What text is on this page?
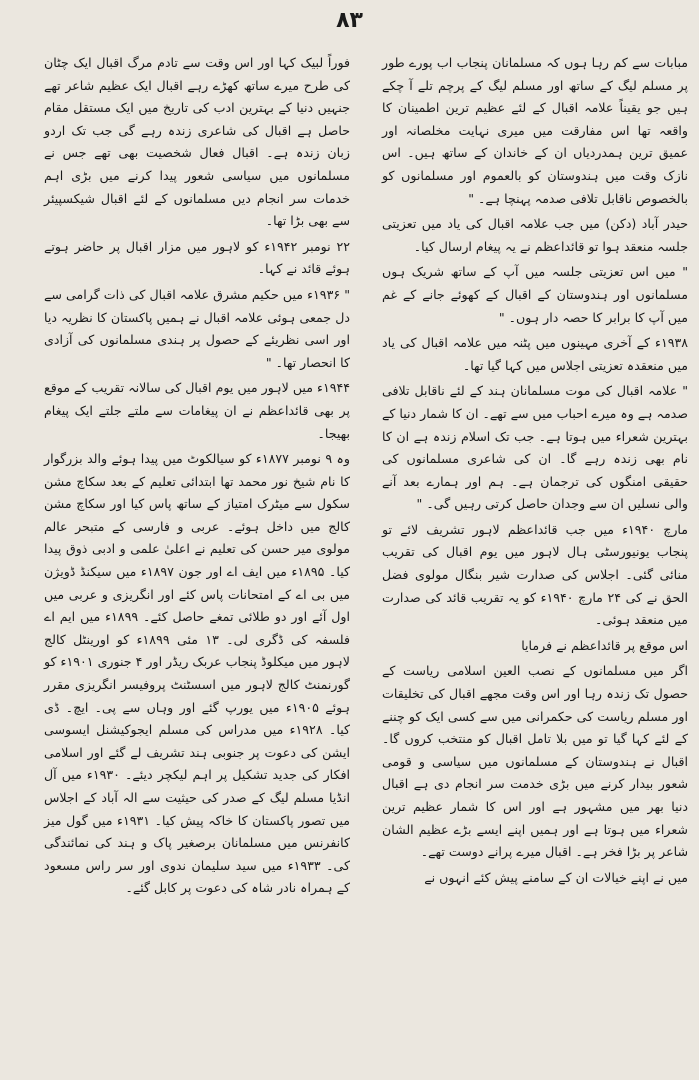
۸۳

مبابات سے کم رہا ہوں کہ مسلمانان پنجاب اب پورے طور پر مسلم لیگ کے ساتھ اور مسلم لیگ کے پرچم تلے آ چکے ہیں جو یقیناً علامہ اقبال کے لئے عظیم ترین اطمینان کا واقعہ تھا اس مفارقت میں میری نہایت مخلصانہ اور عمیق ترین ہمدردیاں ان کے خاندان کے ساتھ ہیں۔ اس نازک وقت میں ہندوستان کو بالعموم اور مسلمانوں کو بالخصوص ناقابل تلافی صدمہ پہنچا ہے۔ "

حیدر آباد (دکن) میں جب علامہ اقبال کی یاد میں تعزیتی جلسہ منعقد ہوا تو قائداعظم نے یہ پیغام ارسال کیا۔

" میں اس تعزیتی جلسہ میں آپ کے ساتھ شریک ہوں مسلمانوں اور ہندوستان کے اقبال کے کھوئے جانے کے غم میں آپ کا برابر کا حصہ دار ہوں۔ "

۱۹۳۸ء کے آخری مہینوں میں پٹنہ میں علامہ اقبال کی یاد میں منعقدہ تعزیتی اجلاس میں کہا گیا تھا۔

" علامہ اقبال کی موت مسلمانان ہند کے لئے ناقابل تلافی صدمہ ہے وہ میرے احباب میں سے تھے۔ ان کا شمار دنیا کے بہترین شعراء میں ہوتا ہے۔ جب تک اسلام زندہ ہے ان کا نام بھی زندہ رہے گا۔ ان کی شاعری مسلمانوں کی حقیقی امنگوں کی ترجمان ہے۔ ہم اور ہمارے بعد آنے والی نسلیں ان سے وجدان حاصل کرتی رہیں گی۔ "

مارچ ۱۹۴۰ء میں جب قائداعظم لاہور تشریف لائے تو پنجاب یونیورسٹی ہال لاہور میں یوم اقبال کی تقریب منائی گئی۔ اجلاس کی صدارت شیر بنگال مولوی فضل الحق نے کی ۲۴ مارچ ۱۹۴۰ء کو یہ تقریب قائد کی صدارت میں منعقد ہوئی۔

اس موقع پر قائداعظم نے فرمایا

اگر میں مسلمانوں کے نصب العین اسلامی ریاست کے حصول تک زندہ رہا اور اس وقت مجھے اقبال کی تخلیقات اور مسلم ریاست کی حکمرانی میں سے کسی ایک کو چننے کے لئے کہا گیا تو میں بلا تامل اقبال کو منتخب کروں گا۔ اقبال نے ہندوستان کے مسلمانوں میں سیاسی و قومی شعور بیدار کرنے میں بڑی خدمت سر انجام دی ہے اقبال دنیا بھر میں مشہور ہے اور اس کا شمار عظیم ترین شعراء میں ہوتا ہے اور ہمیں اپنے ایسے بڑے عظیم الشان شاعر پر بڑا فخر ہے۔ اقبال میرے پرانے دوست تھے۔

میں نے اپنے خیالات ان کے سامنے پیش کئے انہوں نے

فوراً لبیک کہا اور اس وقت سے تادم مرگ اقبال ایک چٹان کی طرح میرے ساتھ کھڑے رہے اقبال ایک عظیم شاعر تھے جنہیں دنیا کے بہترین ادب کی تاریخ میں ایک مستقل مقام حاصل ہے اقبال کی شاعری زندہ رہے گی جب تک اردو زبان زندہ ہے۔ اقبال فعال شخصیت بھی تھے جس نے مسلمانوں میں سیاسی شعور پیدا کرنے میں بڑی اہم خدمات سر انجام دیں مسلمانوں کے لئے اقبال شیکسپیئر سے بھی بڑا تھا۔

۲۲ نومبر ۱۹۴۲ء کو لاہور میں مزار اقبال پر حاضر ہوتے ہوئے قائد نے کہا۔

" ۱۹۳۶ء میں حکیم مشرق علامہ اقبال کی ذات گرامی سے دل جمعی ہوئی علامہ اقبال نے ہمیں پاکستان کا نظریہ دیا اور اسی نظریئے کے حصول پر ہندی مسلمانوں کی آزادی کا انحصار تھا۔ "

۱۹۴۴ء میں لاہور میں یوم اقبال کی سالانہ تقریب کے موقع پر بھی قائداعظم نے ان پیغامات سے ملتے جلتے ایک پیغام بھیجا۔

وہ ۹ نومبر ۱۸۷۷ء کو سیالکوٹ میں پیدا ہوئے والد بزرگوار کا نام شیخ نور محمد تھا ابتدائی تعلیم کے بعد سکاچ مشن سکول سے میٹرک امتیاز کے ساتھ پاس کیا اور سکاچ مشن کالج میں داخل ہوئے۔ عربی و فارسی کے متبحر عالم مولوی میر حسن کی تعلیم نے اعلیٰ علمی و ادبی ذوق پیدا کیا۔ ۱۸۹۵ء میں ایف اے اور جون ۱۸۹۷ء میں سیکنڈ ڈویژن میں بی اے کے امتحانات پاس کئے اور انگریزی و عربی میں اول آئے اور دو طلائی تمغے حاصل کئے۔ ۱۸۹۹ء میں ایم اے فلسفہ کی ڈگری لی۔ ۱۳ مئی ۱۸۹۹ء کو اورینٹل کالج لاہور میں میکلوڈ پنجاب عربک ریڈر اور ۴ جنوری ۱۹۰۱ء کو گورنمنٹ کالج لاہور میں اسسٹنٹ پروفیسر انگریزی مقرر ہوئے ۱۹۰۵ء میں یورپ گئے اور وہاں سے پی۔ ایچ۔ ڈی کیا۔ ۱۹۲۸ء میں مدراس کی مسلم ایجوکیشنل ایسوسی ایشن کی دعوت پر جنوبی ہند تشریف لے گئے اور اسلامی افکار کی جدید تشکیل پر اہم لیکچر دیئے۔ ۱۹۳۰ء میں آل انڈیا مسلم لیگ کے صدر کی حیثیت سے الہ آباد کے اجلاس میں تصور پاکستان کا خاکہ پیش کیا۔ ۱۹۳۱ء میں گول میز کانفرنس میں مسلمانان برصغیر پاک و ہند کی نمائندگی کی۔ ۱۹۳۳ء میں سید سلیمان ندوی اور سر راس مسعود کے ہمراہ نادر شاہ کی دعوت پر کابل گئے۔
